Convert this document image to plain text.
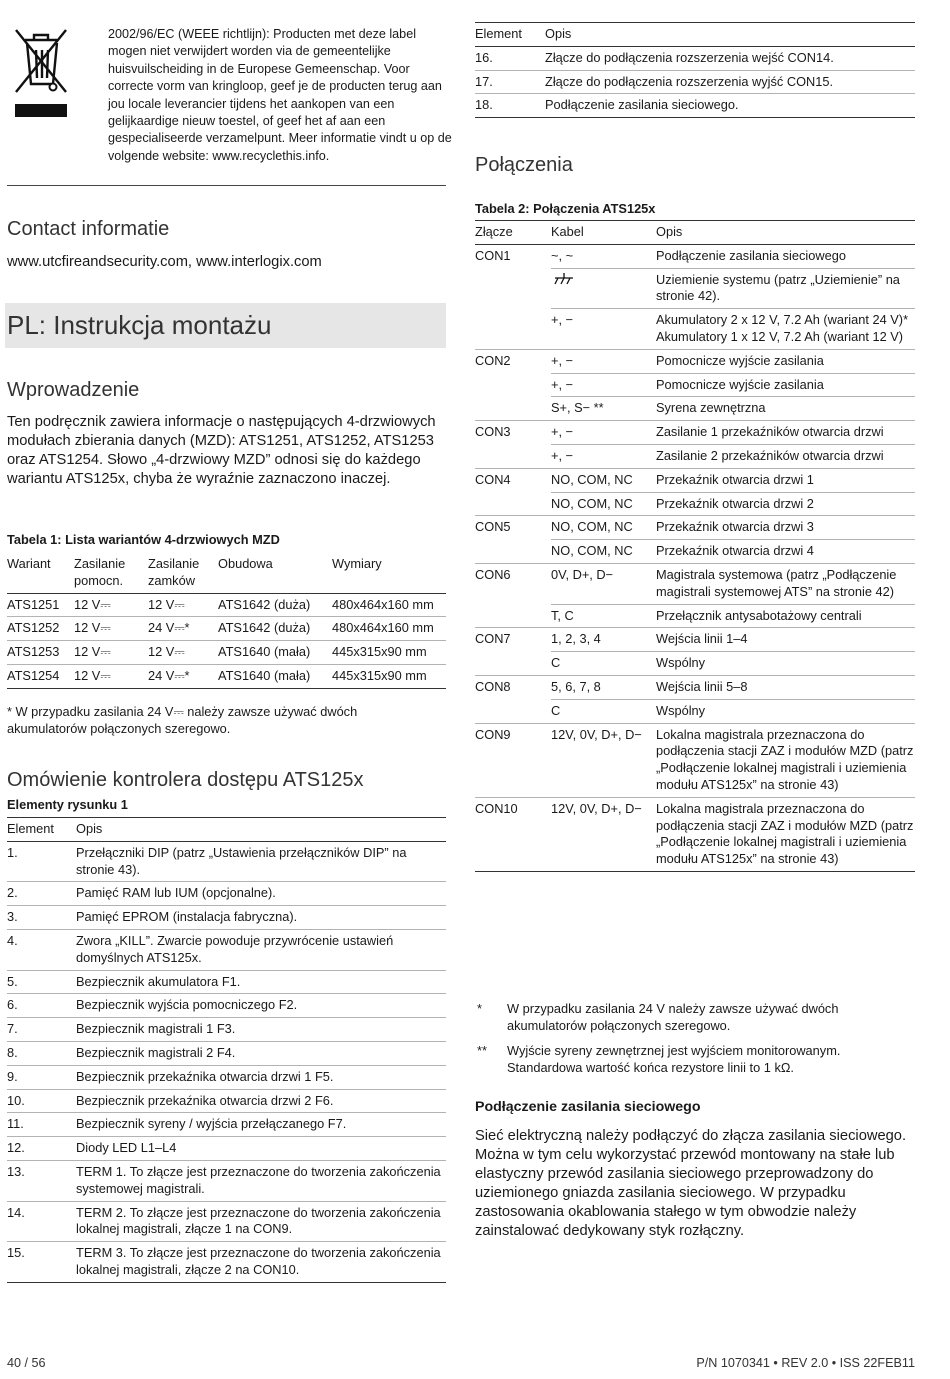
2002/96/EC (WEEE richtlijn): Producten met deze label mogen niet verwijdert worden via de gemeentelijke huisvuilscheiding in de Europese Gemeenschap. Voor correcte vorm van kringloop, geef je de producten terug aan jou locale leverancier tijdens het aankopen van een gelijkaardige nieuw toestel, of geef het af aan een gespecialiseerde verzamelpunt. Meer informatie vindt u op de volgende website: www.recyclethis.info.
Contact informatie
www.utcfireandsecurity.com, www.interlogix.com
PL: Instrukcja montażu
Wprowadzenie
Ten podręcznik zawiera informacje o następujących 4-drzwiowych modułach zbierania danych (MZD): ATS1251, ATS1252, ATS1253 oraz ATS1254. Słowo „4-drzwiowy MZD” odnosi się do każdego wariantu ATS125x, chyba że wyraźnie zaznaczono inaczej.
Tabela 1: Lista wariantów 4-drzwiowych MZD
Wariant	Zasilanie pomocn.	Zasilanie zamków	Obudowa	Wymiary
ATS1251	12 V⎓	12 V⎓	ATS1642 (duża)	480x464x160 mm
ATS1252	12 V⎓	24 V⎓*	ATS1642 (duża)	480x464x160 mm
ATS1253	12 V⎓	12 V⎓	ATS1640 (mała)	445x315x90 mm
ATS1254	12 V⎓	24 V⎓*	ATS1640 (mała)	445x315x90 mm
* W przypadku zasilania 24 V⎓ należy zawsze używać dwóch akumulatorów połączonych szeregowo.
Omówienie kontrolera dostępu ATS125x
Elementy rysunku 1
Element	Opis
1.	Przełączniki DIP (patrz „Ustawienia przełączników DIP” na stronie 43).
2.	Pamięć RAM lub IUM (opcjonalne).
3.	Pamięć EPROM (instalacja fabryczna).
4.	Zwora „KILL”. Zwarcie powoduje przywrócenie ustawień domyślnych ATS125x.
5.	Bezpiecznik akumulatora F1.
6.	Bezpiecznik wyjścia pomocniczego F2.
7.	Bezpiecznik magistrali 1 F3.
8.	Bezpiecznik magistrali 2 F4.
9.	Bezpiecznik przekaźnika otwarcia drzwi 1 F5.
10.	Bezpiecznik przekaźnika otwarcia drzwi 2 F6.
11.	Bezpiecznik syreny / wyjścia przełączanego F7.
12.	Diody LED L1–L4
13.	TERM 1. To złącze jest przeznaczone do tworzenia zakończenia systemowej magistrali.
14.	TERM 2. To złącze jest przeznaczone do tworzenia zakończenia lokalnej magistrali, złącze 1 na CON9.
15.	TERM 3. To złącze jest przeznaczone do tworzenia zakończenia lokalnej magistrali, złącze 2 na CON10.
Element	Opis
16.	Złącze do podłączenia rozszerzenia wejść CON14.
17.	Złącze do podłączenia rozszerzenia wyjść CON15.
18.	Podłączenie zasilania sieciowego.
Połączenia
Tabela 2: Połączenia ATS125x
Złącze	Kabel	Opis
CON1	~, ~	Podłączenie zasilania sieciowego
		Uziemienie systemu (patrz „Uziemienie” na stronie 42).
	+, −	Akumulatory 2 x 12 V, 7.2 Ah (wariant 24 V)*
Akumulatory 1 x 12 V, 7.2 Ah (wariant 12 V)
CON2	+, −	Pomocnicze wyjście zasilania
	+, −	Pomocnicze wyjście zasilania
	S+, S− **	Syrena zewnętrzna
CON3	+, −	Zasilanie 1 przekaźników otwarcia drzwi
	+, −	Zasilanie 2 przekaźników otwarcia drzwi
CON4	NO, COM, NC	Przekaźnik otwarcia drzwi 1
	NO, COM, NC	Przekaźnik otwarcia drzwi 2
CON5	NO, COM, NC	Przekaźnik otwarcia drzwi 3
	NO, COM, NC	Przekaźnik otwarcia drzwi 4
CON6	0V, D+, D−	Magistrala systemowa (patrz „Podłączenie magistrali systemowej ATS” na stronie 42)
	T, C	Przełącznik antysabotażowy centrali
CON7	1, 2, 3, 4	Wejścia linii 1–4
	C	Wspólny
CON8	5, 6, 7, 8	Wejścia linii 5–8
	C	Wspólny
CON9	12V, 0V, D+, D−	Lokalna magistrala przeznaczona do podłączenia stacji ZAZ i modułów MZD (patrz „Podłączenie lokalnej magistrali i uziemienia modułu ATS125x” na stronie 43)
CON10	12V, 0V, D+, D−	Lokalna magistrala przeznaczona do podłączenia stacji ZAZ i modułów MZD (patrz „Podłączenie lokalnej magistrali i uziemienia modułu ATS125x” na stronie 43)
* W przypadku zasilania 24 V należy zawsze używać dwóch akumulatorów połączonych szeregowo.
** Wyjście syreny zewnętrznej jest wyjściem monitorowanym. Standardowa wartość końca rezystore linii to 1 kΩ.
Podłączenie zasilania sieciowego
Sieć elektryczną należy podłączyć do złącza zasilania sieciowego. Można w tym celu wykorzystać przewód montowany na stałe lub elastyczny przewód zasilania sieciowego przeprowadzony do uziemionego gniazda zasilania sieciowego. W przypadku zastosowania okablowania stałego w tym obwodzie należy zainstalować dedykowany styk rozłączny.
40 / 56	P/N 1070341 • REV 2.0 • ISS 22FEB11
